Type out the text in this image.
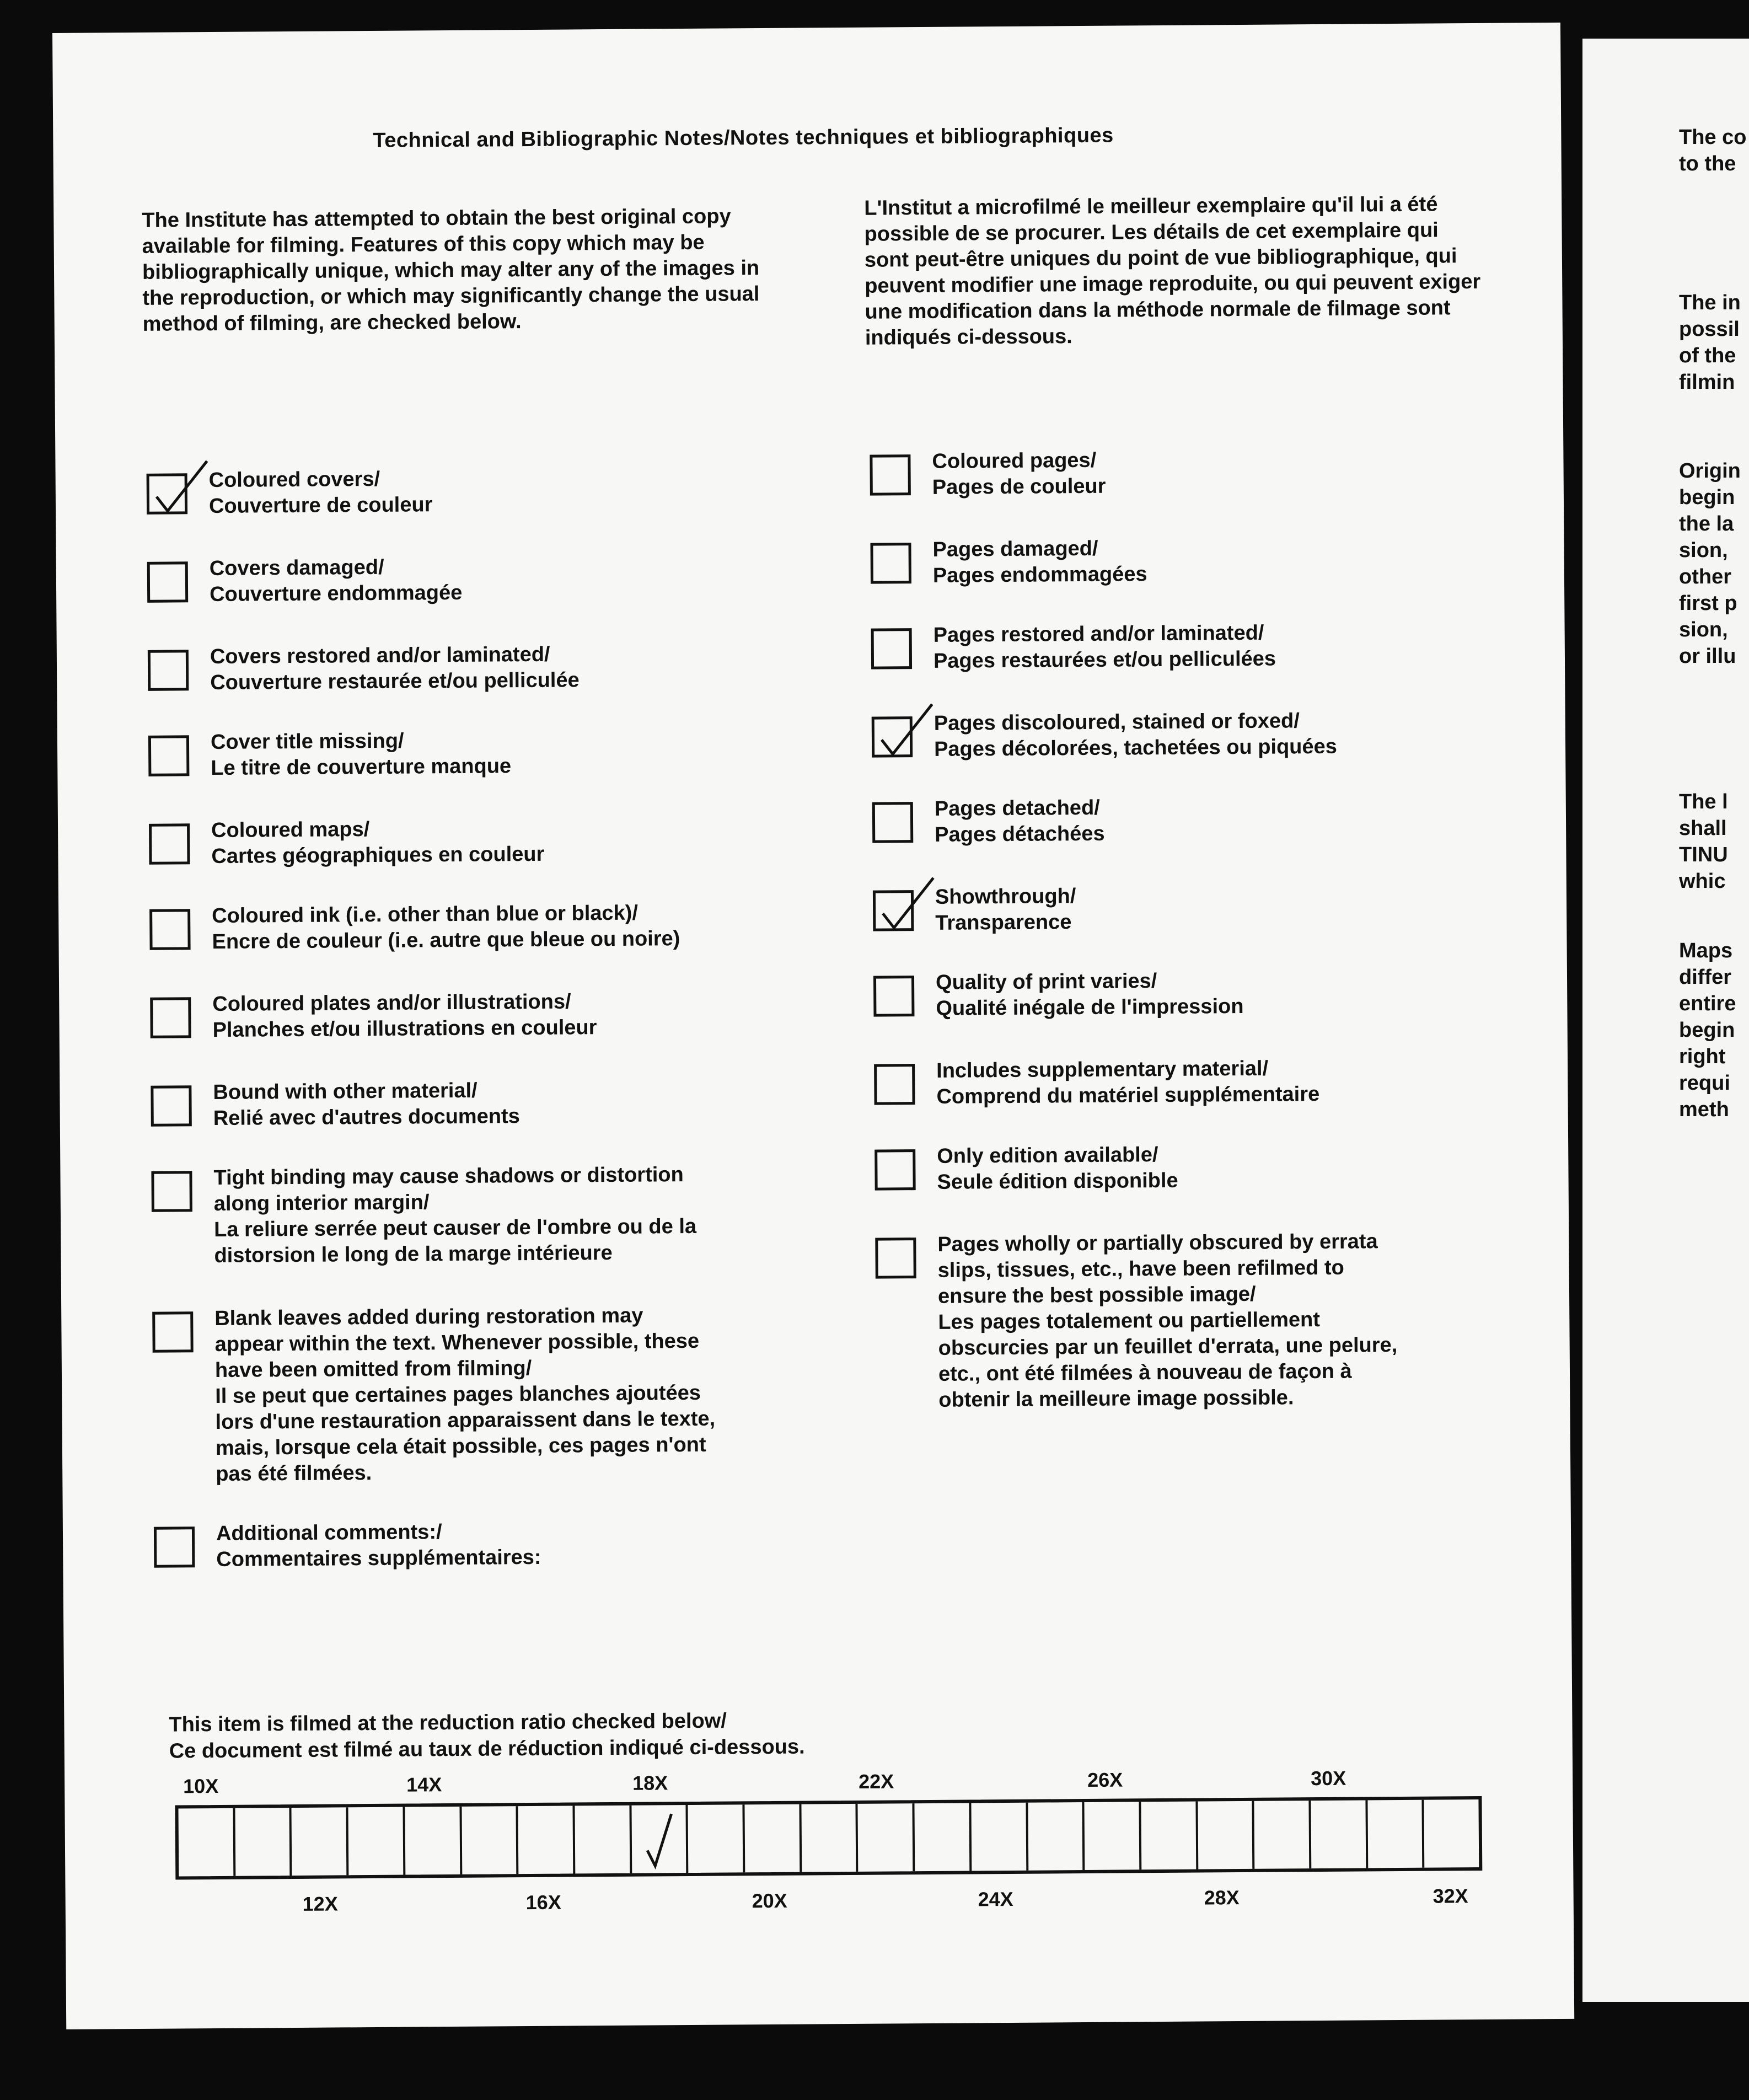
Technical and Bibliographic Notes/Notes techniques et bibliographiques

The Institute has attempted to obtain the best original copy available for filming. Features of this copy which may be bibliographically unique, which may alter any of the images in the reproduction, or which may significantly change the usual method of filming, are checked below.

L'Institut a microfilmé le meilleur exemplaire qu'il lui a été possible de se procurer. Les détails de cet exemplaire qui sont peut-être uniques du point de vue bibliographique, qui peuvent modifier une image reproduite, ou qui peuvent exiger une modification dans la méthode normale de filmage sont indiqués ci-dessous.

Coloured covers/
Couverture de couleur

Covers damaged/
Couverture endommagée

Covers restored and/or laminated/
Couverture restaurée et/ou pelliculée

Cover title missing/
Le titre de couverture manque

Coloured maps/
Cartes géographiques en couleur

Coloured ink (i.e. other than blue or black)/
Encre de couleur (i.e. autre que bleue ou noire)

Coloured plates and/or illustrations/
Planches et/ou illustrations en couleur

Bound with other material/
Relié avec d'autres documents

Tight binding may cause shadows or distortion
along interior margin/
La reliure serrée peut causer de l'ombre ou de la
distorsion le long de la marge intérieure

Blank leaves added during restoration may
appear within the text. Whenever possible, these
have been omitted from filming/
Il se peut que certaines pages blanches ajoutées
lors d'une restauration apparaissent dans le texte,
mais, lorsque cela était possible, ces pages n'ont
pas été filmées.

Additional comments:/
Commentaires supplémentaires:

Coloured pages/
Pages de couleur

Pages damaged/
Pages endommagées

Pages restored and/or laminated/
Pages restaurées et/ou pelliculées

Pages discoloured, stained or foxed/
Pages décolorées, tachetées ou piquées

Pages detached/
Pages détachées

Showthrough/
Transparence

Quality of print varies/
Qualité inégale de l'impression

Includes supplementary material/
Comprend du matériel supplémentaire

Only edition available/
Seule édition disponible

Pages wholly or partially obscured by errata
slips, tissues, etc., have been refilmed to
ensure the best possible image/
Les pages totalement ou partiellement
obscurcies par un feuillet d'errata, une pelure,
etc., ont été filmées à nouveau de façon à
obtenir la meilleure image possible.

This item is filmed at the reduction ratio checked below/
Ce document est filmé au taux de réduction indiqué ci-dessous.

10X	14X	18X	22X	26X	30X
12X	16X	20X	24X	28X	32X

The co
to the

The in
possil
of the
filmin

Origin
begin
the la
sion,
other
first p
sion,
or illu

The l
shall
TINU
whic

Maps
differ
entire
begin
right
requi
meth
